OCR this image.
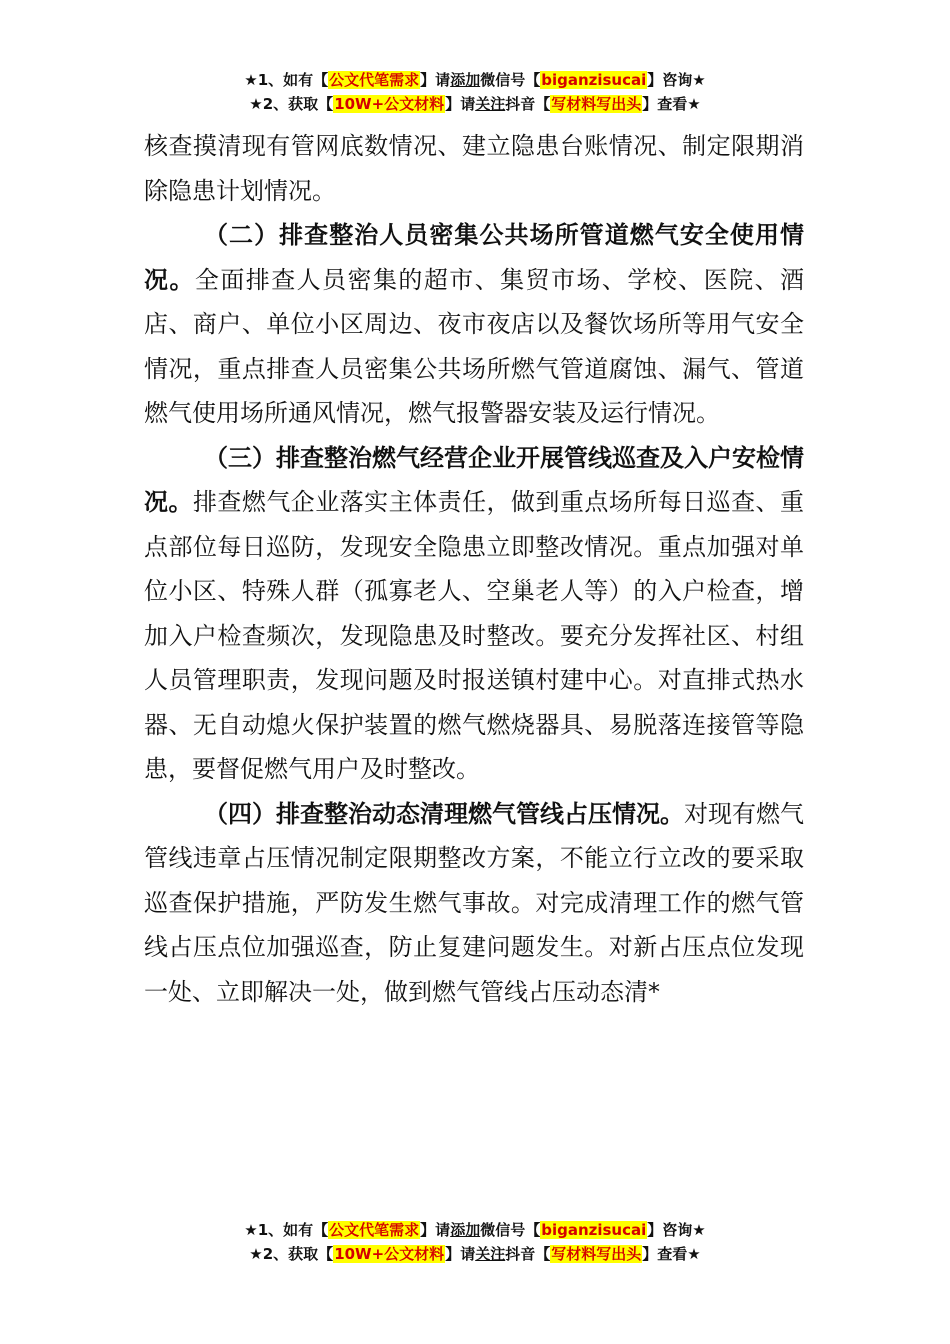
★1、如有【公文代笔需求】请添加微信号【biganzisucai】咨询★
★2、获取【10W+公文材料】请关注抖音【写材料写出头】查看★

核查摸清现有管网底数情况、建立隐患台账情况、制定限期消除隐患计划情况。

（二）排查整治人员密集公共场所管道燃气安全使用情况。全面排查人员密集的超市、集贸市场、学校、医院、酒店、商户、单位小区周边、夜市夜店以及餐饮场所等用气安全情况，重点排查人员密集公共场所燃气管道腐蚀、漏气、管道燃气使用场所通风情况，燃气报警器安装及运行情况。

（三）排查整治燃气经营企业开展管线巡查及入户安检情况。排查燃气企业落实主体责任，做到重点场所每日巡查、重点部位每日巡防，发现安全隐患立即整改情况。重点加强对单位小区、特殊人群（孤寡老人、空巢老人等）的入户检查，增加入户检查频次，发现隐患及时整改。要充分发挥社区、村组人员管理职责，发现问题及时报送镇村建中心。对直排式热水器、无自动熄火保护装置的燃气燃烧器具、易脱落连接管等隐患，要督促燃气用户及时整改。

（四）排查整治动态清理燃气管线占压情况。对现有燃气管线违章占压情况制定限期整改方案，不能立行立改的要采取巡查保护措施，严防发生燃气事故。对完成清理工作的燃气管线占压点位加强巡查，防止复建问题发生。对新占压点位发现一处、立即解决一处，做到燃气管线占压动态清*

★1、如有【公文代笔需求】请添加微信号【biganzisucai】咨询★
★2、获取【10W+公文材料】请关注抖音【写材料写出头】查看★
